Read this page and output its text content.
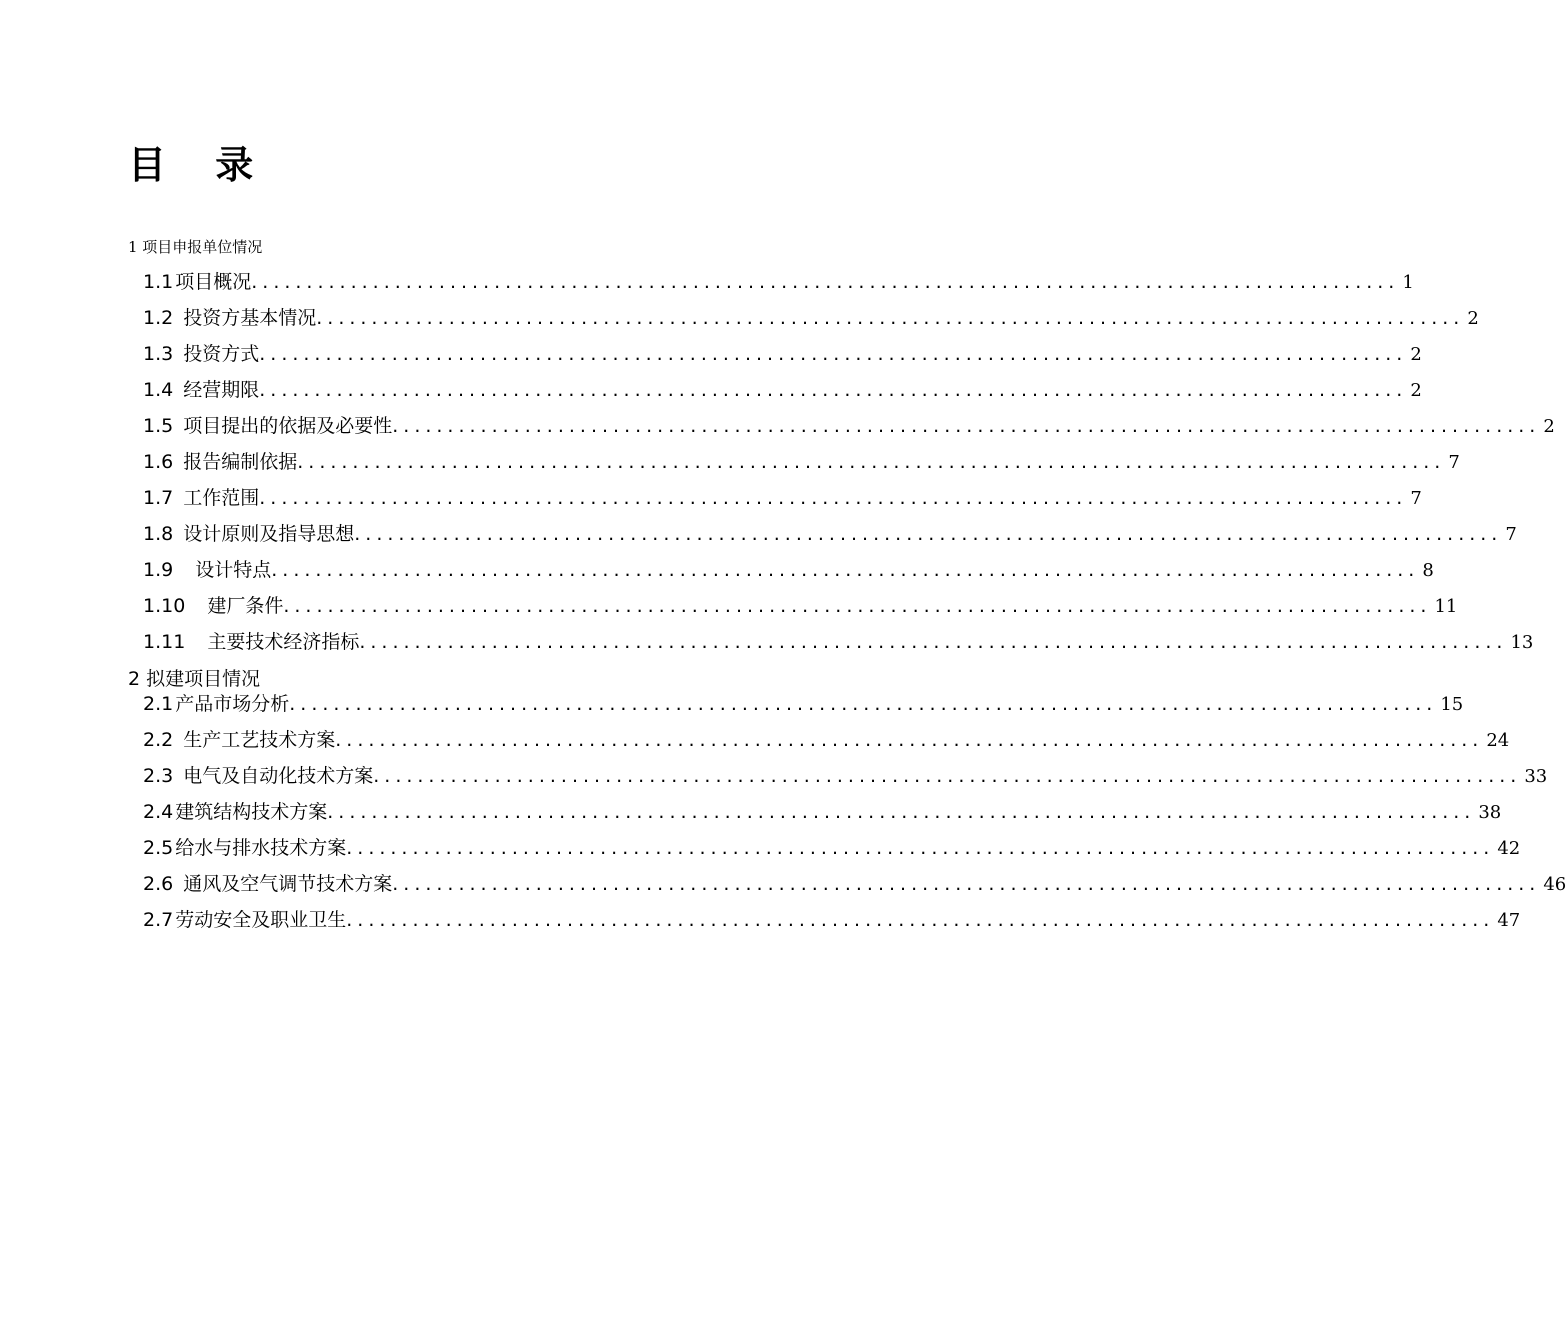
目 录
1 项目申报单位情况
1.1 项目概况 ........................................................................................................ 1
1.2 投资方基本情况 ........................................................................................................ 2
1.3 投资方式 ........................................................................................................ 2
1.4 经营期限 ........................................................................................................ 2
1.5 项目提出的依据及必要性 ........................................................................................................ 2
1.6 报告编制依据 ........................................................................................................ 7
1.7 工作范围 ........................................................................................................ 7
1.8 设计原则及指导思想 ........................................................................................................ 7
1.9 设计特点 ........................................................................................................ 8
1.10 建厂条件 ........................................................................................................ 11
1.11 主要技术经济指标 ........................................................................................................ 13
2 拟建项目情况
2.1 产品市场分析 ........................................................................................................ 15
2.2 生产工艺技术方案 ........................................................................................................ 24
2.3 电气及自动化技术方案 ........................................................................................................ 33
2.4 建筑结构技术方案 ........................................................................................................ 38
2.5 给水与排水技术方案 ........................................................................................................ 42
2.6 通风及空气调节技术方案 ........................................................................................................ 46
2.7 劳动安全及职业卫生 ........................................................................................................ 47
